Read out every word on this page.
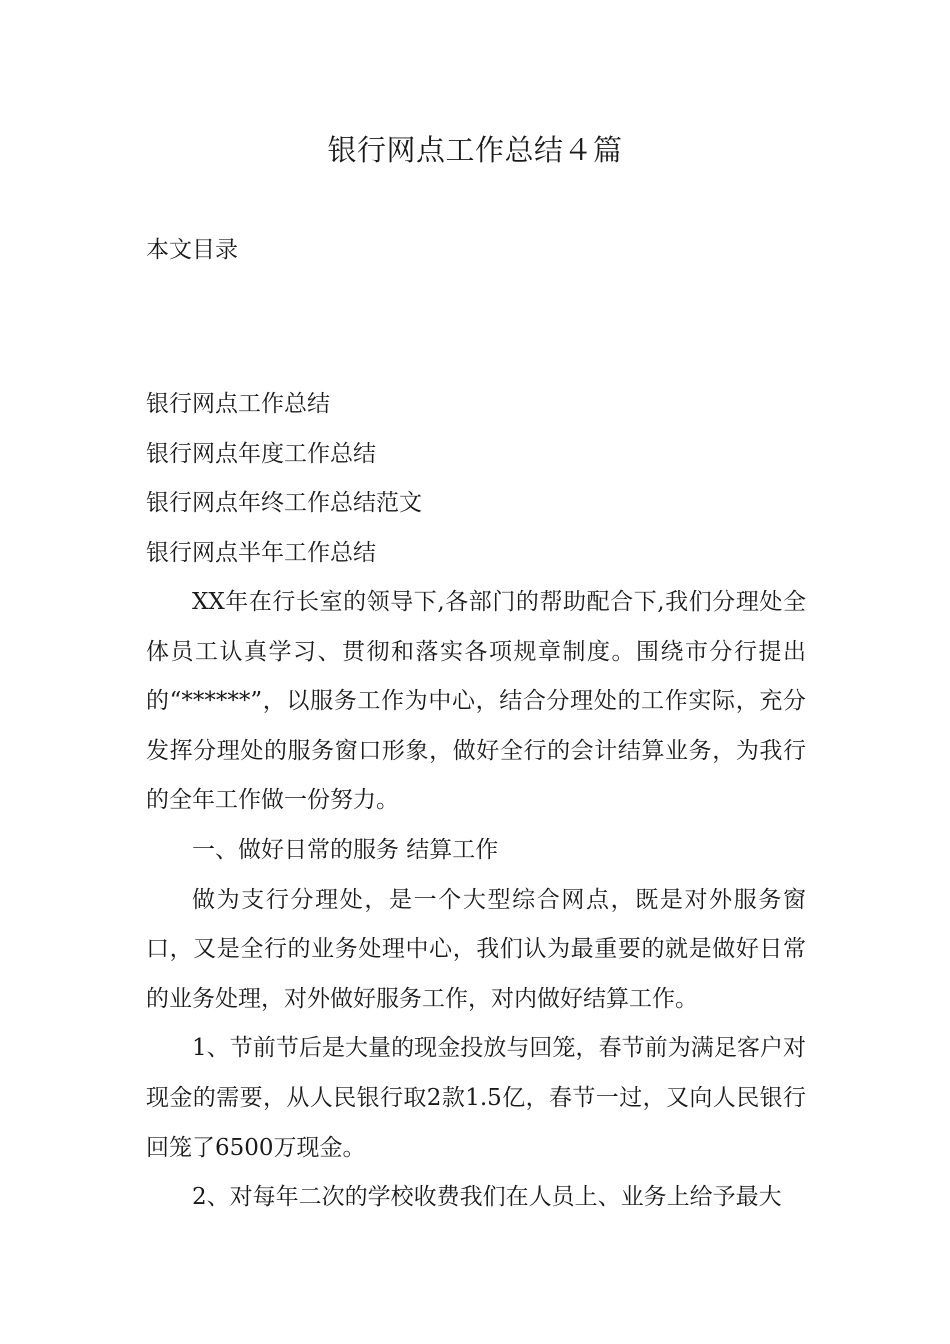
银行网点工作总结４篇
本文目录
银行网点工作总结
银行网点年度工作总结
银行网点年终工作总结范文
银行网点半年工作总结

XX年在行长室的领导下,各部门的帮助配合下,我们分理处全体员工认真学习、贯彻和落实各项规章制度。围绕市分行提出的“******”，以服务工作为中心，结合分理处的工作实际，充分发挥分理处的服务窗口形象，做好全行的会计结算业务，为我行的全年工作做一份努力。

一、做好日常的服务 结算工作

做为支行分理处，是一个大型综合网点，既是对外服务窗口，又是全行的业务处理中心，我们认为最重要的就是做好日常的业务处理，对外做好服务工作，对内做好结算工作。

1、节前节后是大量的现金投放与回笼，春节前为满足客户对现金的需要，从人民银行取2款1.5亿，春节一过，又向人民银行回笼了6500万现金。

2、对每年二次的学校收费我们在人员上、业务上给予最大
